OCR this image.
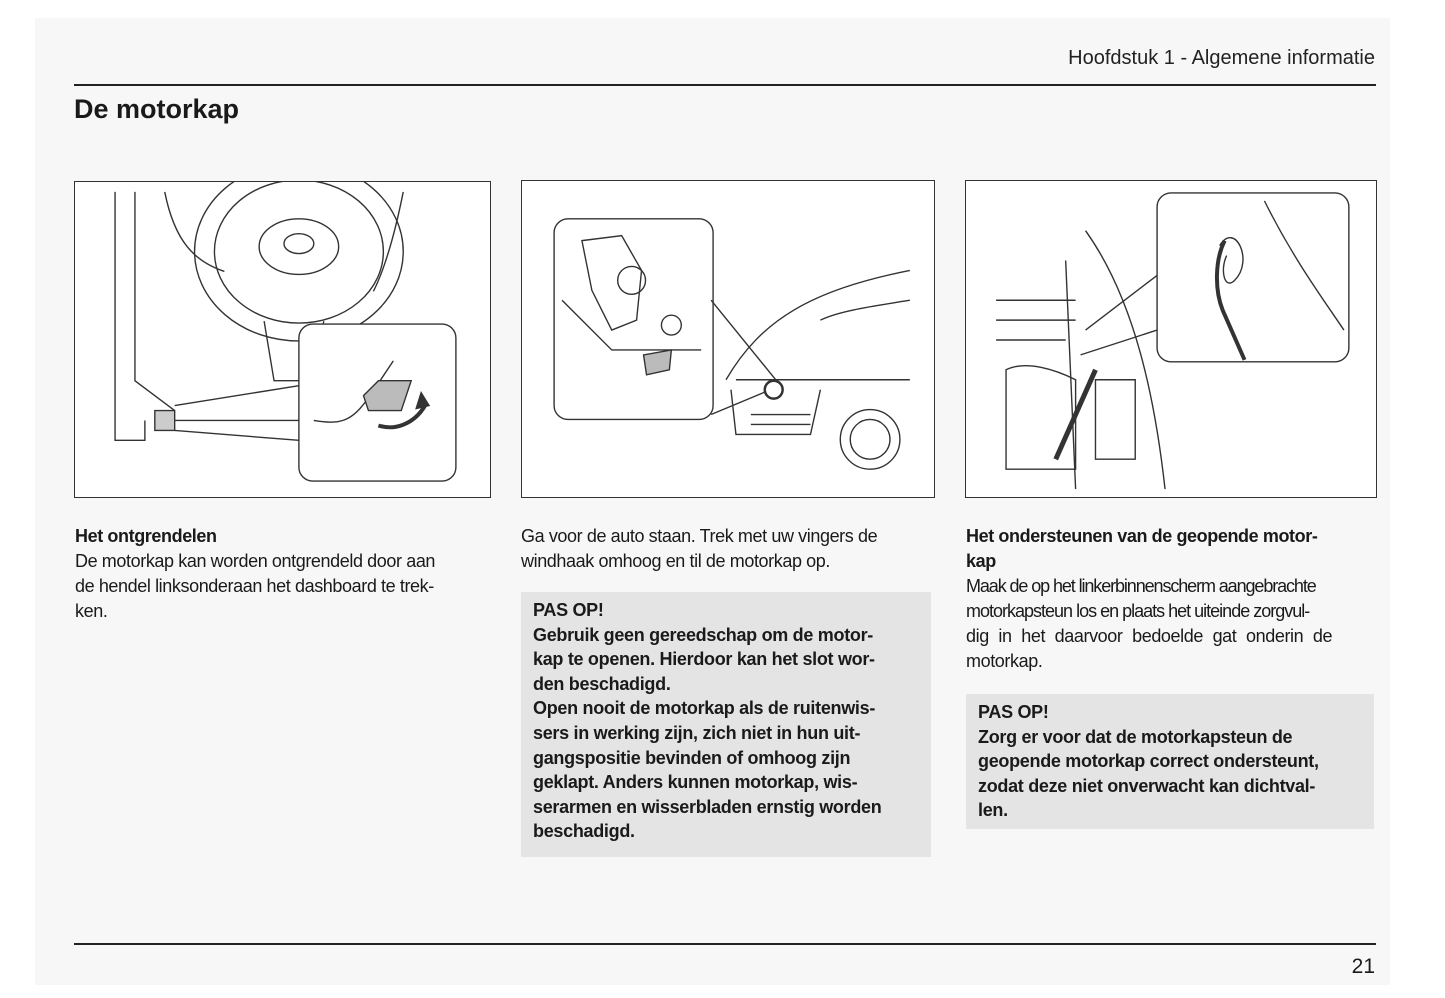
Hoofdstuk 1 - Algemene informatie
De motorkap
Het ontgrendelen
De motorkap kan worden ontgrendeld door aan
de hendel linksonderaan het dashboard te trek-
ken.
Ga voor de auto staan. Trek met uw vingers de
windhaak omhoog en til de motorkap op.
PAS OP!
Gebruik geen gereedschap om de motor-
kap te openen. Hierdoor kan het slot wor-
den beschadigd.
Open nooit de motorkap als de ruitenwis-
sers in werking zijn, zich niet in hun uit-
gangspositie bevinden of omhoog zijn
geklapt. Anders kunnen motorkap, wis-
serarmen en wisserbladen ernstig worden
beschadigd.
Het ondersteunen van de geopende motor-
kap
Maak de op het linkerbinnenscherm aangebrachte
motorkapsteun los en plaats het uiteinde zorgvul-
dig in het daarvoor bedoelde gat onderin de
motorkap.
PAS OP!
Zorg er voor dat de motorkapsteun de
geopende motorkap correct ondersteunt,
zodat deze niet onverwacht kan dichtval-
len.
21
